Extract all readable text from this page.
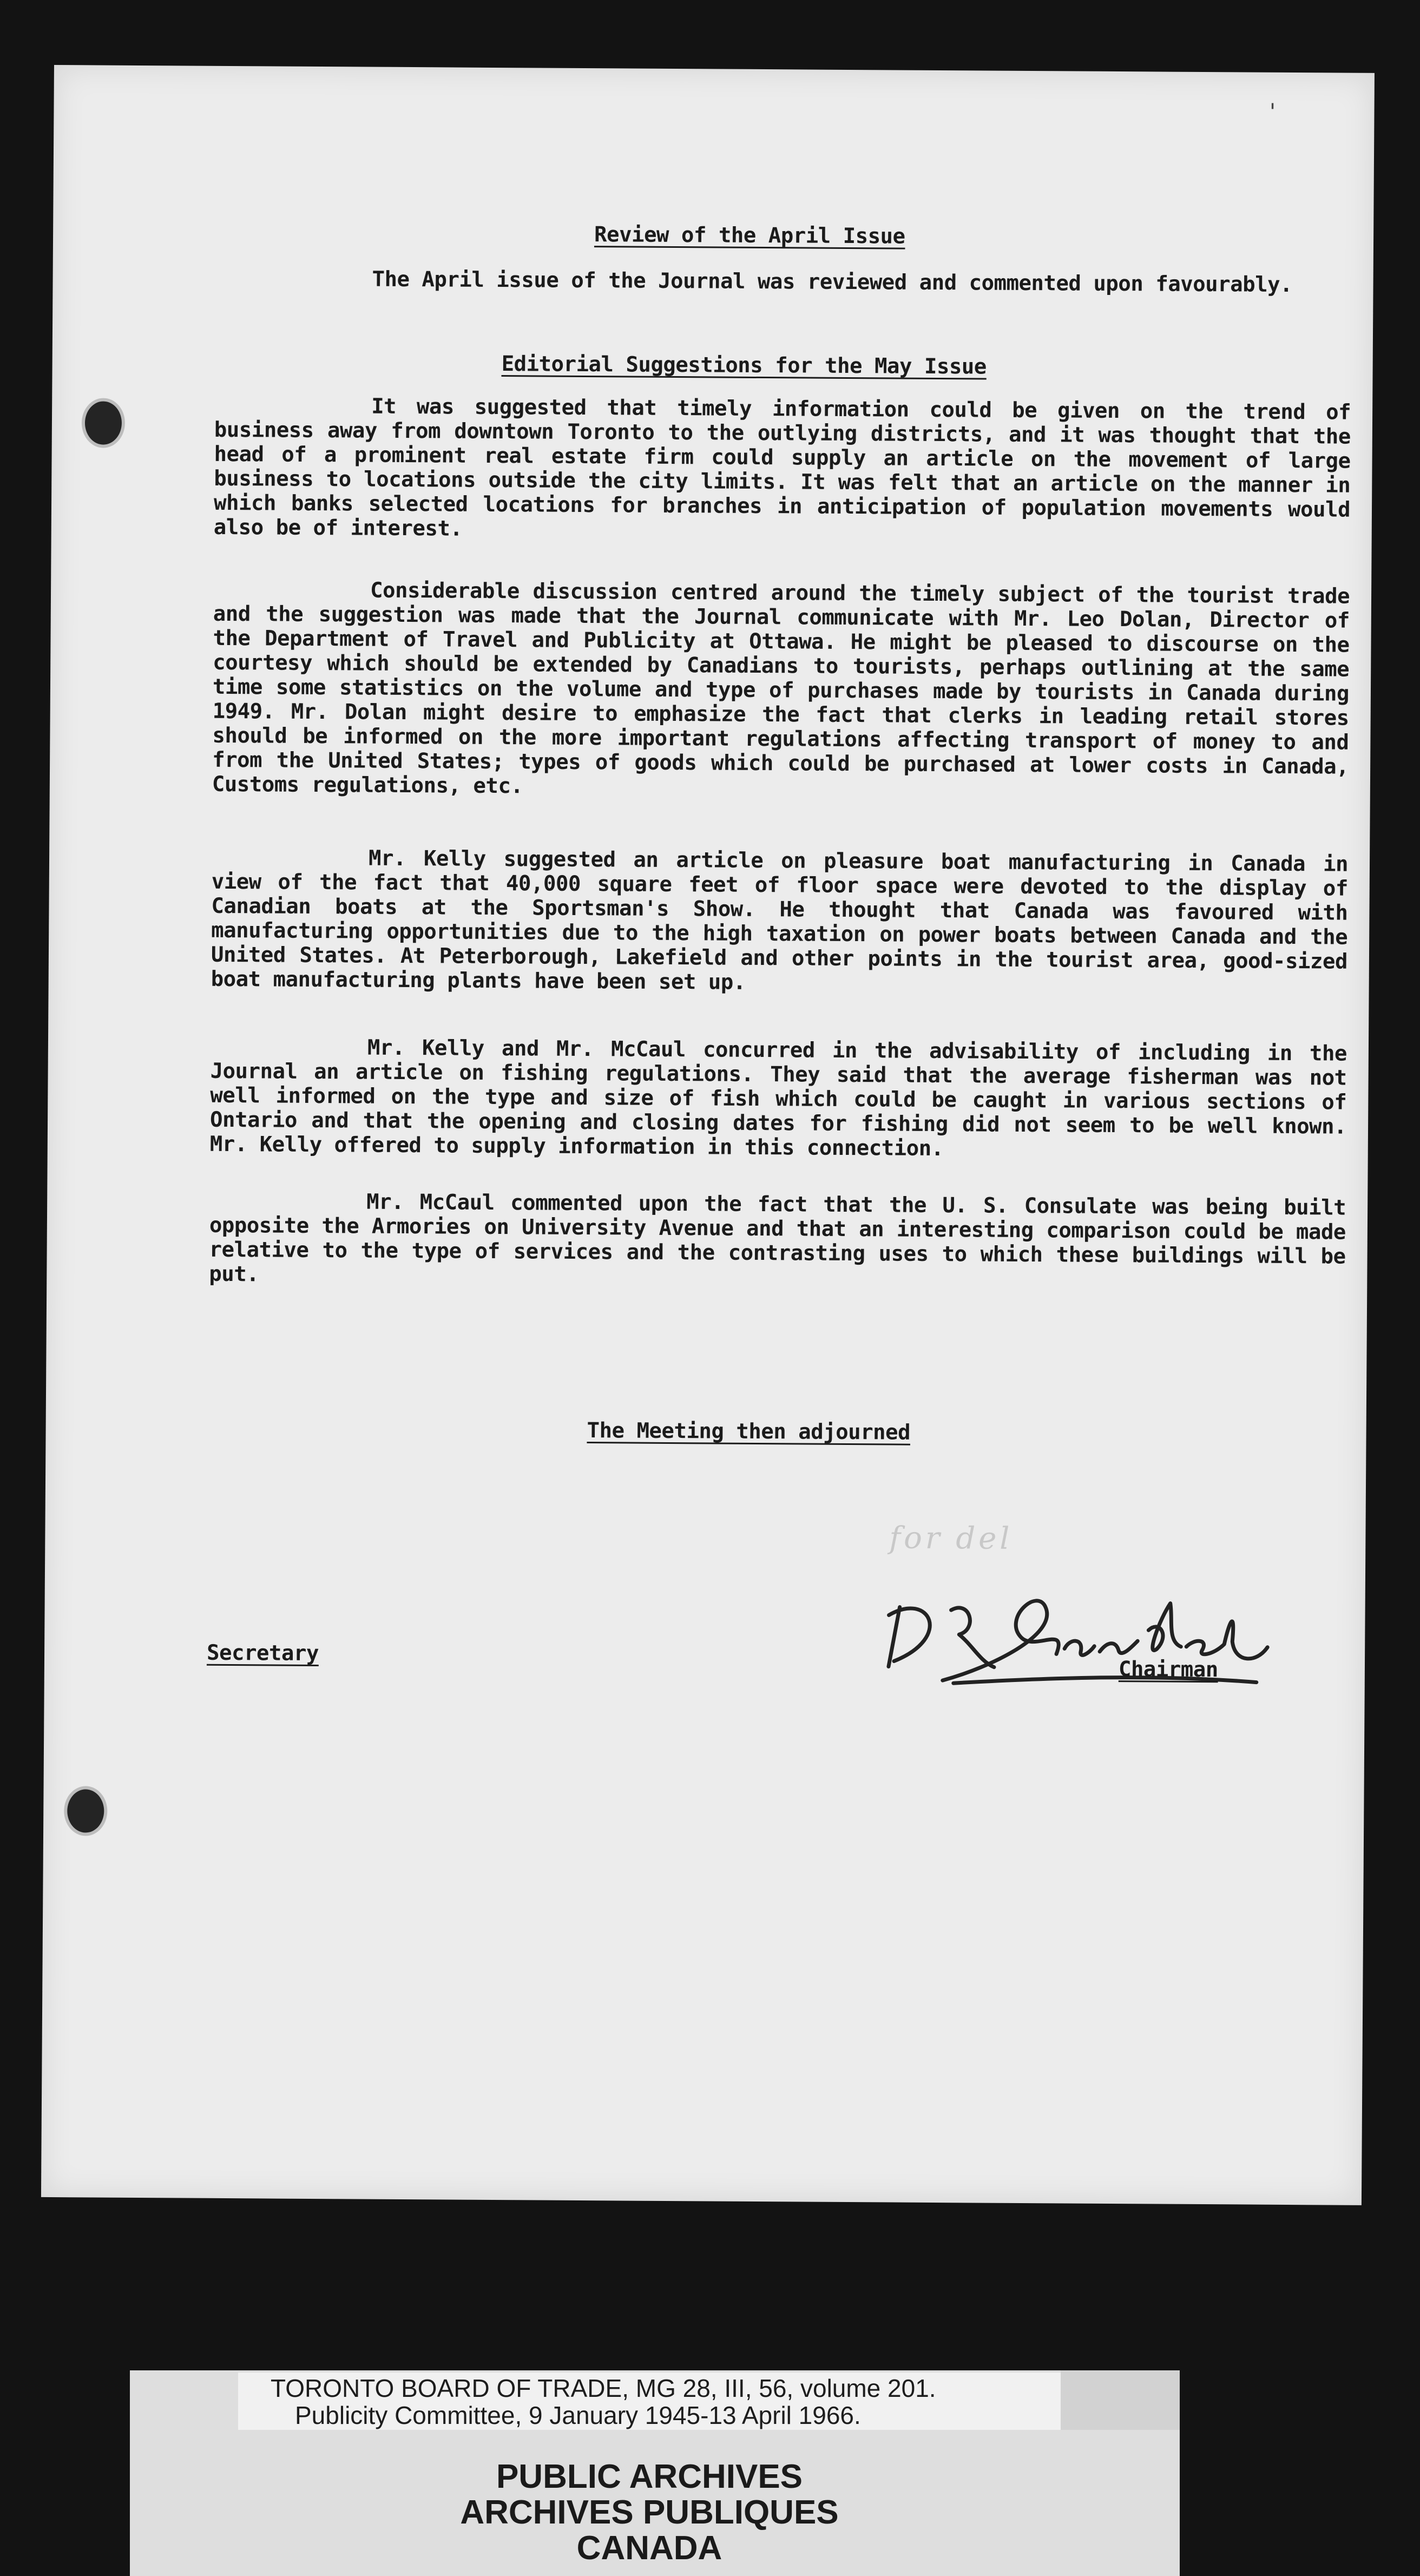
'
Review of the April Issue
The April issue of the Journal was reviewed and commented upon favourably.
Editorial Suggestions for the May Issue

It was suggested that timely information could be given on the trend of business away from downtown Toronto to the outlying districts, and it was thought that the head of a prominent real estate firm could supply an article on the movement of large business to locations outside the city limits. It was felt that an article on the manner in which banks selected locations for branches in anticipation of population movements would also be of interest.

Considerable discussion centred around the timely subject of the tourist trade and the suggestion was made that the Journal communicate with Mr. Leo Dolan, Director of the Department of Travel and Publicity at Ottawa. He might be pleased to discourse on the courtesy which should be extended by Canadians to tourists, perhaps outlining at the same time some statistics on the volume and type of purchases made by tourists in Canada during 1949. Mr. Dolan might desire to emphasize the fact that clerks in leading retail stores should be informed on the more important regulations affecting transport of money to and from the United States; types of goods which could be purchased at lower costs in Canada, Customs regulations, etc.

Mr. Kelly suggested an article on pleasure boat manufacturing in Canada in view of the fact that 40,000 square feet of floor space were devoted to the display of Canadian boats at the Sportsman's Show. He thought that Canada was favoured with manufacturing opportunities due to the high taxation on power boats between Canada and the United States. At Peterborough, Lakefield and other points in the tourist area, good-sized boat manufacturing plants have been set up.

Mr. Kelly and Mr. McCaul concurred in the advisability of including in the Journal an article on fishing regulations. They said that the average fisherman was not well informed on the type and size of fish which could be caught in various sections of Ontario and that the opening and closing dates for fishing did not seem to be well known. Mr. Kelly offered to supply information in this connection.

Mr. McCaul commented upon the fact that the U. S. Consulate was being built opposite the Armories on University Avenue and that an interesting comparison could be made relative to the type of services and the contrasting uses to which these buildings will be put.

The Meeting then adjourned
for del
Secretary
Chairman
TORONTO BOARD OF TRADE, MG 28, III, 56, volume 201.
Publicity Committee, 9 January 1945-13 April 1966.
PUBLIC ARCHIVES
ARCHIVES PUBLIQUES
CANADA
